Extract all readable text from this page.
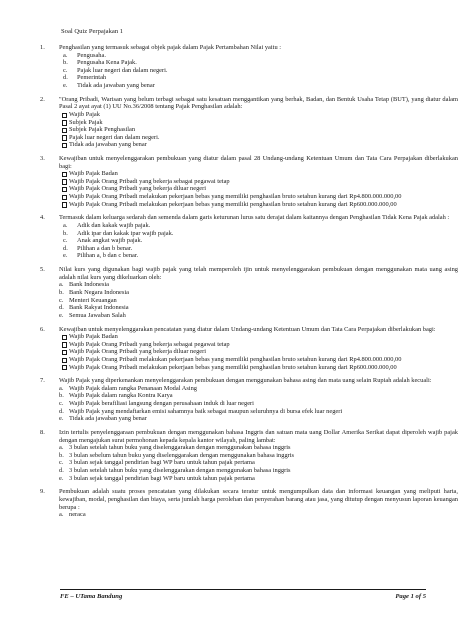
Soal Quiz Perpajakan 1
1.	Penghasilan yang termasuk sebagai objek pajak dalam Pajak Pertambahan Nilai yaitu :
a. Pengusaha.
b. Pengusaha Kena Pajak.
c. Pajak luar negeri dan dalam negeri.
d. Pemerintah
e. Tidak ada jawaban yang benar
2.	"Orang Pribadi, Warisan yang belum terbagi sebagai satu kesatuan menggantikan yang berhak, Badan, dan Bentuk Usaha Tetap (BUT), yang diatur dalam Pasal 2 ayat ayat (1) UU No.36/2008 tentang Pajak Penghasilan adalah:
Wajib Pajak
Subjek Pajak
Subjek Pajak Penghasilan
Pajak luar negeri dan dalam negeri.
Tidak ada jawaban yang benar
3.	Kewajiban untuk menyelenggarakan pembukuan yang diatur dalam pasal 28 Undang-undang Ketentuan Umum dan Tata Cara Perpajakan diberlakukan bagi:
Wajib Pajak Badan
Wajib Pajak Orang Pribadi yang bekerja sebagai pegawai tetap
Wajib Pajak Orang Pribadi yang bekerja diluar negeri
Wajib Pajak Orang Pribadi melakukan pekerjaan bebas yang memiliki penghasilan bruto setahun kurang dari Rp4.800.000.000,00
Wajib Pajak Orang Pribadi melakukan pekerjaan bebas yang memiliki penghasilan bruto setahun kurang dari Rp600.000.000,00
4.	Termasuk dalam keluarga sedarah dan semenda dalam garis keturunan lurus satu derajat dalam kaitannya dengan Penghasilan Tidak Kena Pajak adalah :
a. Adik dan kakak wajib pajak.
b. Adik ipar dan kakak ipar wajib pajak.
c. Anak angkat wajib pajak.
d. Pilihan a dan b benar.
e. Pilihan a, b dan c benar.
5.	Nilai kurs yang digunakan bagi wajib pajak yang telah memperoleh ijin untuk menyelenggarakan pembukuan dengan menggunakan mata uang asing adalah nilai kurs yang dikeluarkan oleh:
a. Bank Indonesia
b. Bank Negara Indonesia
c. Menteri Keuangan
d. Bank Rakyat Indonesia
e. Semua Jawaban Salah
6.	Kewajiban untuk menyelenggarakan pencatatan yang diatur dalam Undang-undang Ketentuan Umum dan Tata Cara Perpajakan diberlakukan bagi:
Wajib Pajak Badan
Wajib Pajak Orang Pribadi yang bekerja sebagai pegawai tetap
Wajib Pajak Orang Pribadi yang bekerja diluar negeri
Wajib Pajak Orang Pribadi melakukan pekerjaan bebas yang memiliki penghasilan bruto setahun kurang dari Rp4.800.000.000,00
Wajib Pajak Orang Pribadi melakukan pekerjaan bebas yang memiliki penghasilan bruto setahun kurang dari Rp600.000.000,00
7.	Wajib Pajak yang diperkenankan menyelenggarakan pembukuan dengan menggunakan bahasa asing dan mata uang selain Rupiah adalah kecuali:
a. Wajib Pajak dalam rangka Penanaan Modal Asing
b. Wajib Pajak dalam rangka Kontra Karya
c. Wajib Pajak berafiliasi langsung dengan perusahaan induk di luar negeri
d. Wajib Pajak yang mendaftarkan emisi sahamnya baik sebagai maupun seluruhnya di bursa efek luar negeri
e. Tidak ada jawaban yang benar
8.	Izin tertulis penyelenggaraan pembukuan dengan menggunakan bahasa Inggris dan satuan mata uang Dollar Amerika Serikat dapat diperoleh wajib pajak dengan mengajukan surat permohonan kepada kepala kantor wilayah, paling lambat:
a. 3 bulan setelah tahun buku yang diselenggarakan dengan menggunakan bahasa inggris
b. 3 bulan sebelum tahun buku yang diselenggarakan dengan menggunakan bahasa inggris
c. 3 bulan sejak tanggal pendirian bagi WP baru untuk tahun pajak pertama
d. 3 bulan setelah tahun buku yang diselenggarakan dengan menggunakan bahasa inggris
e. 3 bulan sejak tanggal pendirian bagi WP baru untuk tahun pajak pertama
9.	Pembukuan adalah suatu proses pencatatan yang dilakukan secara teratur untuk mengumpulkan data dan informasi keuangan yang meliputi harta, kewajiban, modal, penghasilan dan biaya, serta jumlah harga perolehan dan penyerahan barang atau jasa, yang ditutup dengan menyusun laporan keuangan berupa :
a. neraca
FE – UTama Bandung	Page 1 of 5
